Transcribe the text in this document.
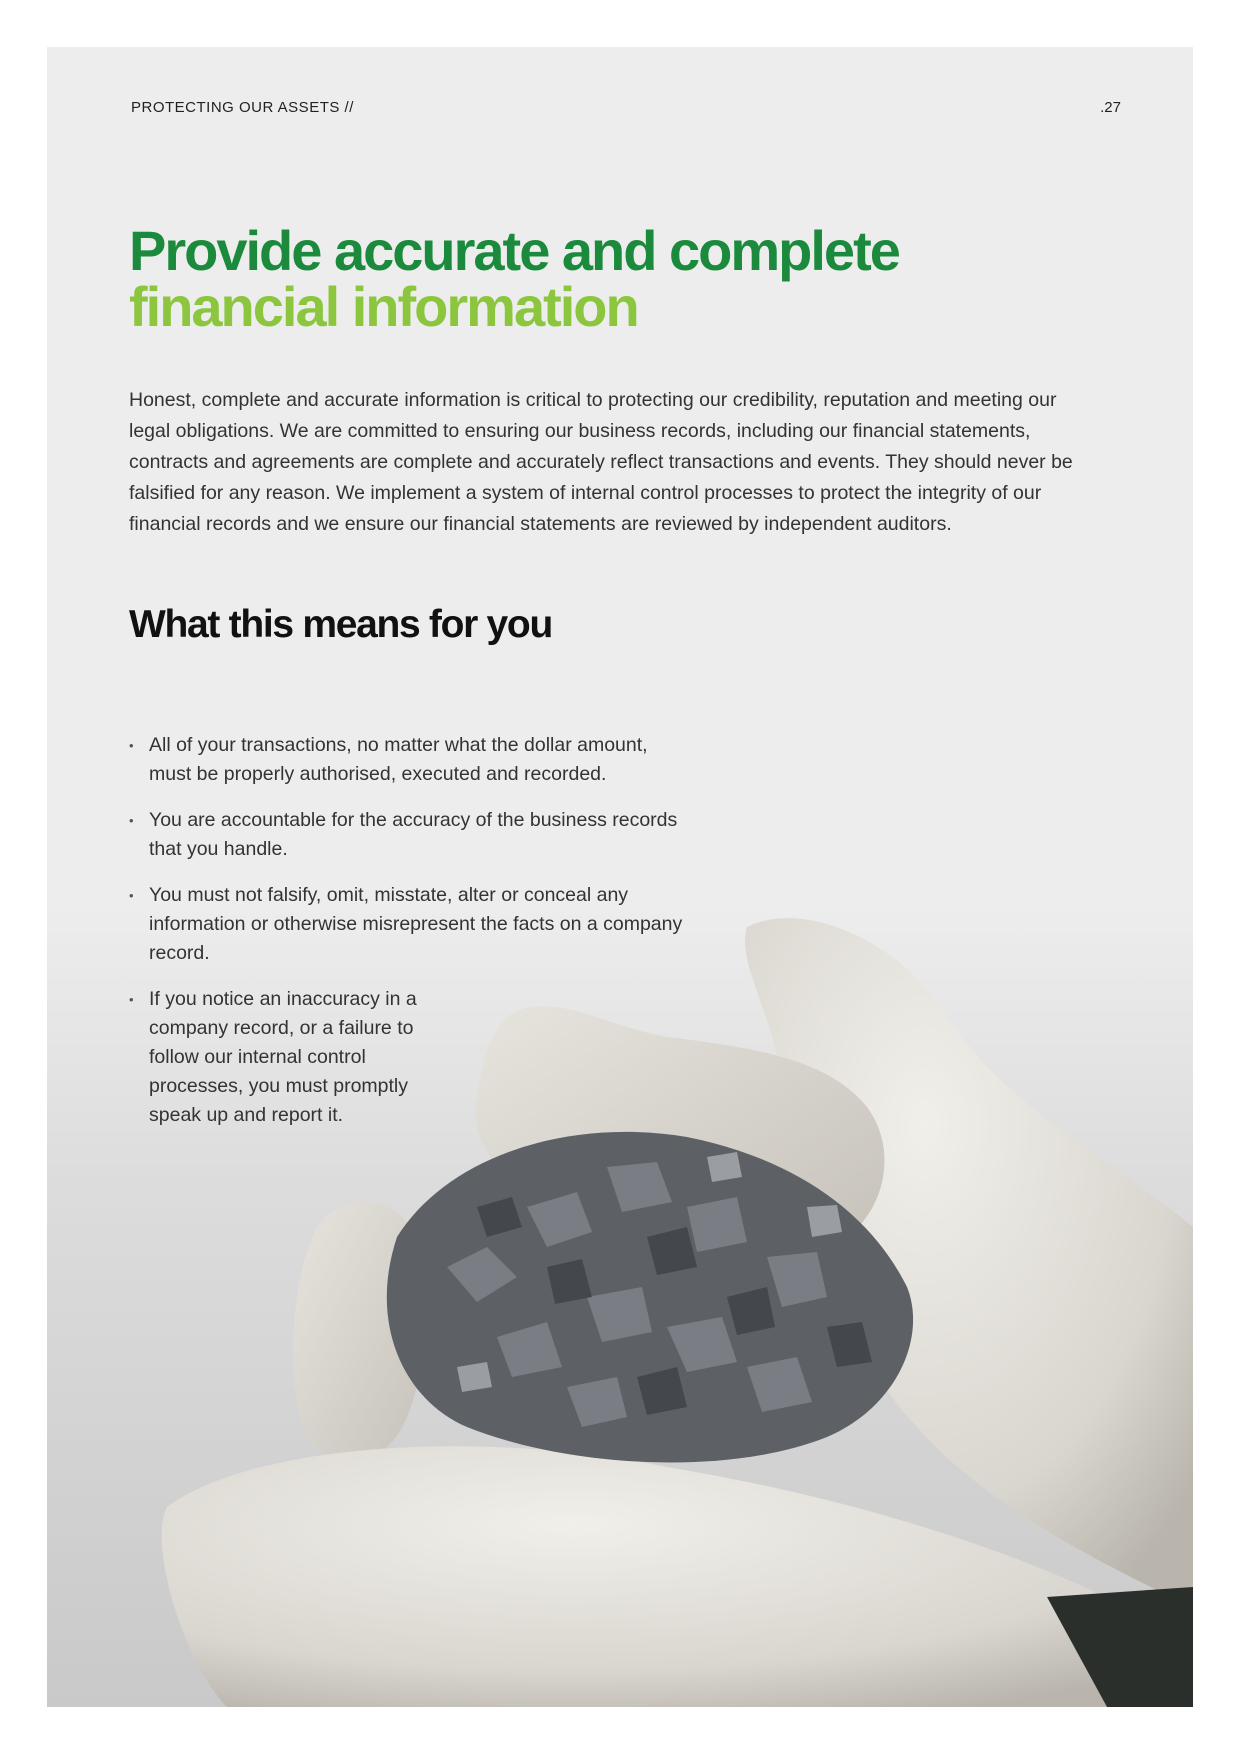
PROTECTING OUR ASSETS //	.27
Provide accurate and complete
financial information

Honest, complete and accurate information is critical to protecting our credibility, reputation and meeting our legal obligations. We are committed to ensuring our business records, including our financial statements, contracts and agreements are complete and accurately reflect transactions and events. They should never be falsified for any reason. We implement a system of internal control processes to protect the integrity of our financial records and we ensure our financial statements are reviewed by independent auditors.

What this means for you
• All of your transactions, no matter what the dollar amount, must be properly authorised, executed and recorded.
• You are accountable for the accuracy of the business records that you handle.
• You must not falsify, omit, misstate, alter or conceal any information or otherwise misrepresent the facts on a company record.
• If you notice an inaccuracy in a company record, or a failure to follow our internal control processes, you must promptly speak up and report it.
